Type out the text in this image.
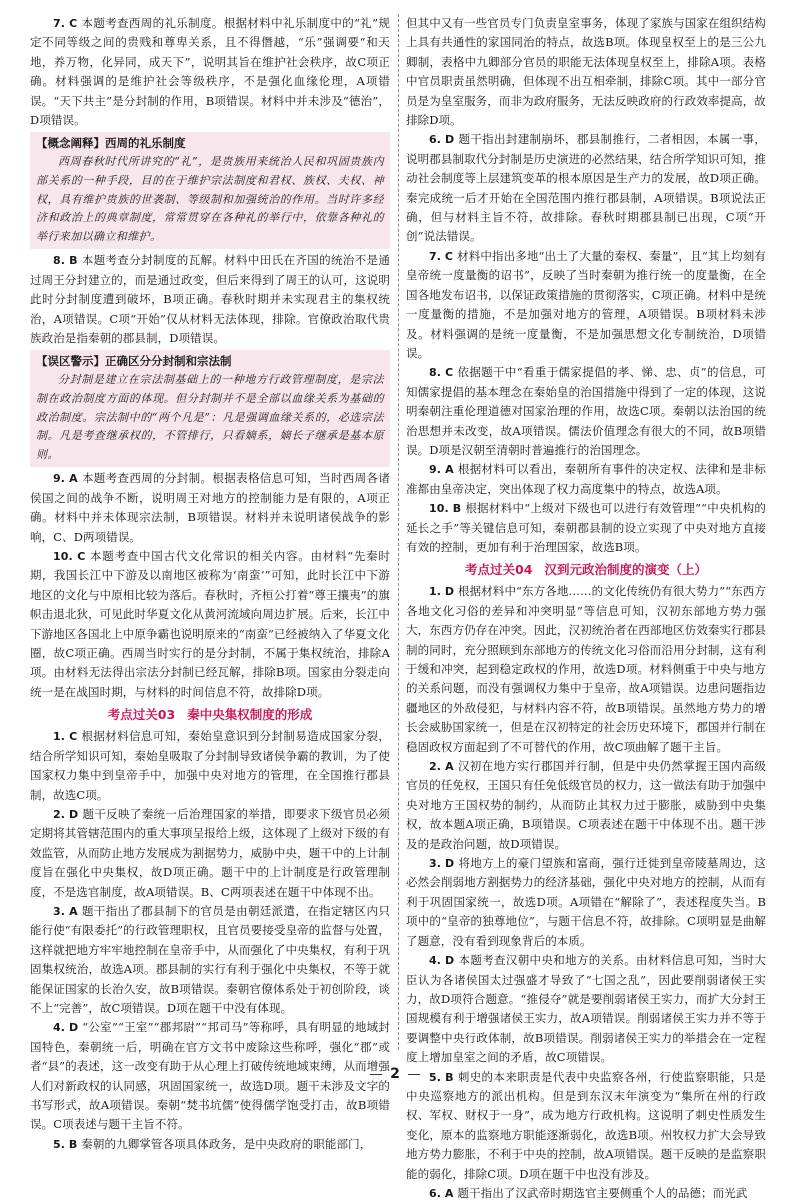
7. C 本题考查西周的礼乐制度。根据材料中礼乐制度中的“礼”规定不同等级之间的贵贱和尊卑关系，且不得僭越，“乐”强调要“和天地，养万物，化异同，成天下”，说明其旨在维护社会秩序，故C项正确。材料强调的是维护社会等级秩序，不是强化血缘伦理，A项错误。“天下共主”是分封制的作用，B项错误。材料中并未涉及“德治”，D项错误。

【概念阐释】西周的礼乐制度

西周春秋时代所讲究的“礼”，是贵族用来统治人民和巩固贵族内部关系的一种手段，目的在于维护宗法制度和君权、族权、夫权、神权，具有维护贵族的世袭制、等级制和加强统治的作用。当时许多经济和政治上的典章制度，常常贯穿在各种礼的举行中，依靠各种礼的举行来加以确立和维护。

8. B 本题考查分封制度的瓦解。材料中田氏在齐国的统治不是通过周王分封建立的，而是通过政变，但后来得到了周王的认可，这说明此时分封制度遭到破坏，B项正确。春秋时期并未实现君主的集权统治，A项错误。C项“开始”仅从材料无法体现，排除。官僚政治取代贵族政治是指秦朝的郡县制，D项错误。

【误区警示】正确区分分封制和宗法制

分封制是建立在宗法制基础上的一种地方行政管理制度，是宗法制在政治制度方面的体现。但分封制并不是全部以血缘关系为基础的政治制度。宗法制中的“两个凡是”：凡是强调血缘关系的，必选宗法制。凡是考查继承权的，不管排行，只看嫡系，嫡长子继承是基本原则。

9. A 本题考查西周的分封制。根据表格信息可知，当时西周各诸侯国之间的战争不断，说明周王对地方的控制能力是有限的，A项正确。材料中并未体现宗法制，B项错误。材料并未说明诸侯战争的影响，C、D两项错误。

10. C 本题考查中国古代文化常识的相关内容。由材料“先秦时期，我国长江中下游及以南地区被称为‘南蛮’”可知，此时长江中下游地区的文化与中原相比较为落后。春秋时，齐桓公打着“尊王攘夷”的旗帜击退北狄，可见此时华夏文化从黄河流域向周边扩展。后来，长江中下游地区各国北上中原争霸也说明原来的“南蛮”已经被纳入了华夏文化圈，故C项正确。西周当时实行的是分封制，不属于集权统治，排除A项。由材料无法得出宗法分封制已经瓦解，排除B项。国家由分裂走向统一是在战国时期，与材料的时间信息不符，故排除D项。

考点过关03 秦中央集权制度的形成

1. C 根据材料信息可知，秦始皇意识到分封制易造成国家分裂，结合所学知识可知，秦始皇吸取了分封制导致诸侯争霸的教训，为了使国家权力集中到皇帝手中，加强中央对地方的管理，在全国推行郡县制，故选C项。

2. D 题干反映了秦统一后治理国家的举措，即要求下级官员必须定期将其管辖范围内的重大事项呈报给上级，这体现了上级对下级的有效监管，从而防止地方发展成为割据势力，威胁中央，题干中的上计制度旨在强化中央集权，故D项正确。题干中的上计制度是行政管理制度，不是选官制度，故A项错误。B、C两项表述在题干中体现不出。

3. A 题干指出了郡县制下的官员是由朝廷派遣，在指定辖区内只能行使“有限委托”的行政管理职权，且官员要接受皇帝的监督与处置，这样就把地方牢牢地控制在皇帝手中，从而强化了中央集权，有利于巩固集权统治，故选A项。郡县制的实行有利于强化中央集权，不等于就能保证国家的长治久安，故B项错误。秦朝官僚体系处于初创阶段，谈不上“完善”，故C项错误。D项在题干中没有体现。

4. D “公室”“王室”“郡邦尉”“邦司马”等称呼，具有明显的地域封国特色，秦朝统一后，明确在官方文书中废除这些称呼，强化“郡”或者“县”的表述，这一改变有助于从心理上打破传统地域束缚，从而增强人们对新政权的认同感，巩固国家统一，故选D项。题干未涉及文字的书写形式，故A项错误。秦朝“焚书坑儒”使得儒学饱受打击，故B项错误。C项表述与题干主旨不符。

5. B 秦朝的九卿掌管各项具体政务，是中央政府的职能部门，

但其中又有一些官员专门负责皇室事务，体现了家族与国家在组织结构上具有共通性的家国同治的特点，故选B项。体现皇权至上的是三公九卿制，表格中九卿部分官员的职能无法体现皇权至上，排除A项。表格中官员职责虽然明确，但体现不出互相牵制，排除C项。其中一部分官员是为皇室服务，而非为政府服务，无法反映政府的行政效率提高，故排除D项。

6. D 题干指出封建制崩坏，郡县制推行，二者相因，本属一事，说明郡县制取代分封制是历史演进的必然结果，结合所学知识可知，推动社会制度等上层建筑变革的根本原因是生产力的发展，故D项正确。秦完成统一后才开始在全国范围内推行郡县制，A项错误。B项说法正确，但与材料主旨不符，故排除。春秋时期郡县制已出现，C项“开创”说法错误。

7. C 材料中指出多地“出土了大量的秦权、秦量”，且“其上均刻有皇帝统一度量衡的诏书”，反映了当时秦朝为推行统一的度量衡，在全国各地发布诏书，以保证政策措施的贯彻落实，C项正确。材料中是统一度量衡的措施，不是加强对地方的管理，A项错误。B项材料未涉及。材料强调的是统一度量衡，不是加强思想文化专制统治，D项错误。

8. C 依据题干中“看重于儒家提倡的孝、悌、忠、贞”的信息，可知儒家提倡的基本理念在秦始皇的治国措施中得到了一定的体现，这说明秦朝注重伦理道德对国家治理的作用，故选C项。秦朝以法治国的统治思想并未改变，故A项错误。儒法价值理念有很大的不同，故B项错误。D项是汉朝至清朝时普遍推行的治国理念。

9. A 根据材料可以看出，秦朝所有事件的决定权、法律和是非标准都由皇帝决定，突出体现了权力高度集中的特点，故选A项。

10. B 根据材料中“上级对下级也可以进行有效管理”“中央机构的延长之手”等关键信息可知，秦朝郡县制的设立实现了中央对地方直接有效的控制，更加有利于治理国家，故选B项。

考点过关04 汉到元政治制度的演变（上）

1. D 根据材料中“东方各地……的文化传统仍有很大势力”“东西方各地文化习俗的差异和冲突明显”等信息可知，汉初东部地方势力强大，东西方仍存在冲突。因此，汉初统治者在西部地区仿效秦实行郡县制的同时，充分照顾到东部地方的传统文化习俗而沿用分封制，这有利于缓和冲突，起到稳定政权的作用，故选D项。材料侧重于中央与地方的关系问题，而没有强调权力集中于皇帝，故A项错误。边患问题指边疆地区的外敌侵犯，与材料内容不符，故B项错误。虽然地方势力的增长会威胁国家统一，但是在汉初特定的社会历史环境下，郡国并行制在稳固政权方面起到了不可替代的作用，故C项曲解了题干主旨。

2. A 汉初在地方实行郡国并行制，但是中央仍然掌握王国内高级官员的任免权，王国只有任免低级官员的权力，这一做法有助于加强中央对地方王国权势的制约，从而防止其权力过于膨胀，威胁到中央集权，故本题A项正确，B项错误。C项表述在题干中体现不出。题干涉及的是政治问题，故D项错误。

3. D 将地方上的豪门望族和富商，强行迁徙到皇帝陵墓周边，这必然会削弱地方割据势力的经济基础，强化中央对地方的控制，从而有利于巩固国家统一，故选D项。A项错在“解除了”，表述程度失当。B项中的“皇帝的独尊地位”，与题干信息不符，故排除。C项明显是曲解了题意，没有看到现象背后的本质。

4. D 本题考查汉朝中央和地方的关系。由材料信息可知，当时大臣认为各诸侯国太过强盛才导致了“七国之乱”，因此要削弱诸侯王实力，故D项符合题意。“推侵夺”就是要削弱诸侯王实力，而扩大分封王国规模有利于增强诸侯王实力，故A项错误。削弱诸侯王实力并不等于要调整中央行政体制，故B项错误。削弱诸侯王实力的举措会在一定程度上增加皇室之间的矛盾，故C项错误。

5. B 刺史的本来职责是代表中央监察各州，行使监察职能，只是中央巡察地方的派出机构。但是到东汉末年演变为“集所在州的行政权、军权、财权于一身”，成为地方行政机构。这说明了刺史性质发生变化，原本的监察地方职能逐渐弱化，故选B项。州牧权力扩大会导致地方势力膨胀，不利于中央的控制，故A项错误。题干反映的是监察职能的弱化，排除C项。D项在题干中也没有涉及。

6. A 题干指出了汉武帝时期选官主要侧重个人的品德；而光武

2
